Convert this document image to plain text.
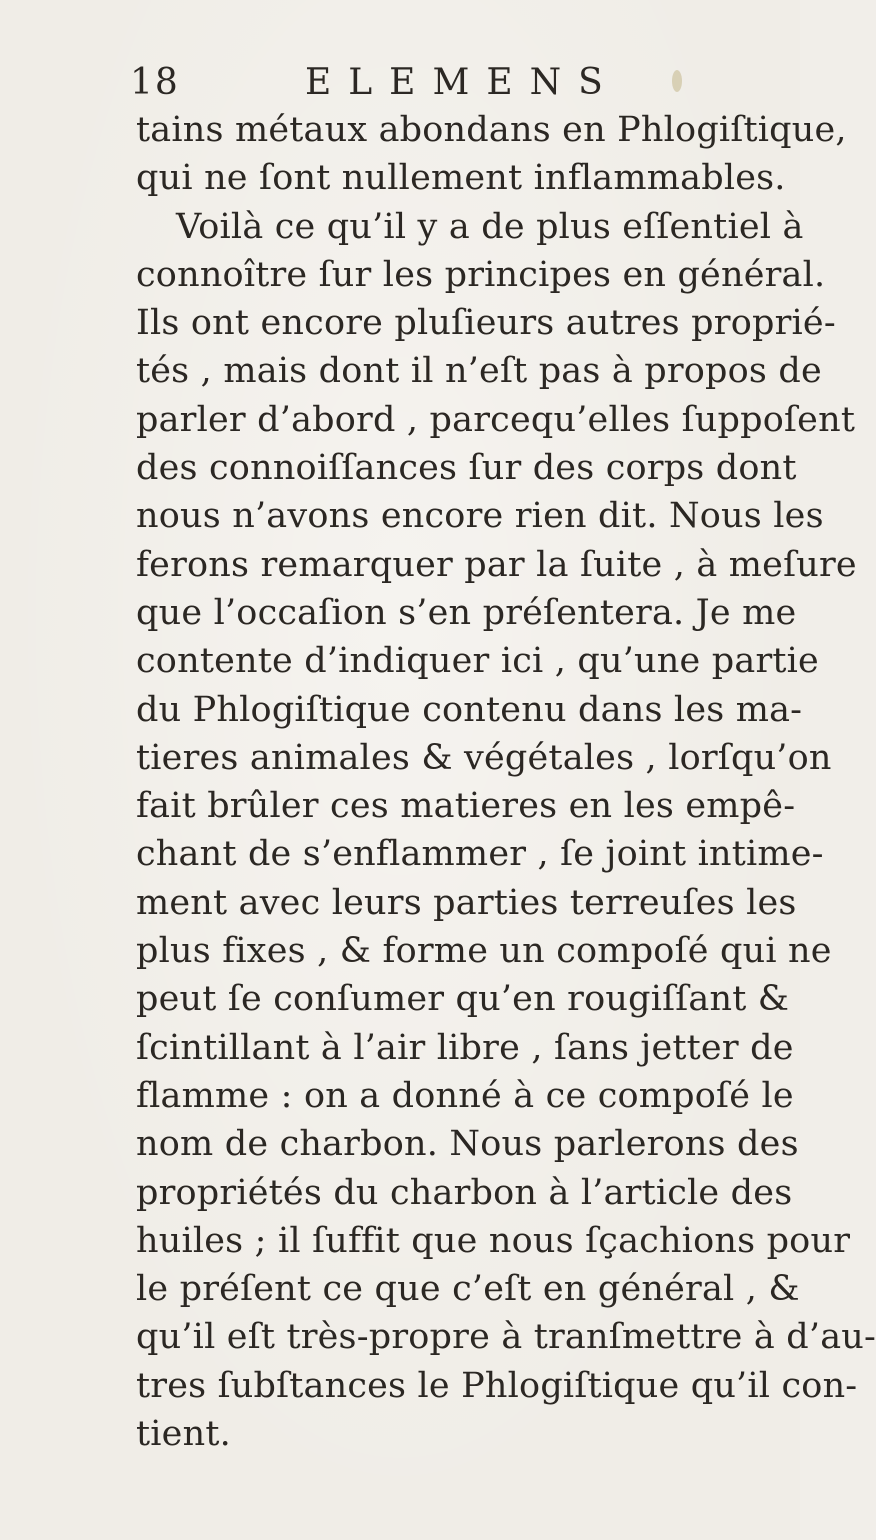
18	ELEMENS
tains métaux abondans en Phlogiſtique,
qui ne ſont nullement inflammables.
Voilà ce qu’il y a de plus eſſentiel à
connoître ſur les principes en général.
Ils ont encore pluſieurs autres proprié-
tés , mais dont il n’eſt pas à propos de
parler d’abord , parcequ’elles ſuppoſent
des connoiſſances ſur des corps dont
nous n’avons encore rien dit. Nous les
ferons remarquer par la ſuite , à meſure
que l’occaſion s’en préſentera. Je me
contente d’indiquer ici , qu’une partie
du Phlogiſtique contenu dans les ma-
tieres animales & végétales , lorſqu’on
fait brûler ces matieres en les empê-
chant de s’enflammer , ſe joint intime-
ment avec leurs parties terreuſes les
plus fixes , & forme un compoſé qui ne
peut ſe conſumer qu’en rougiſſant &
ſcintillant à l’air libre , ſans jetter de
flamme : on a donné à ce compoſé le
nom de charbon. Nous parlerons des
propriétés du charbon à l’article des
huiles ; il ſuffit que nous ſçachions pour
le préſent ce que c’eſt en général , &
qu’il eſt très-propre à tranſmettre à d’au-
tres ſubſtances le Phlogiſtique qu’il con-
tient.
